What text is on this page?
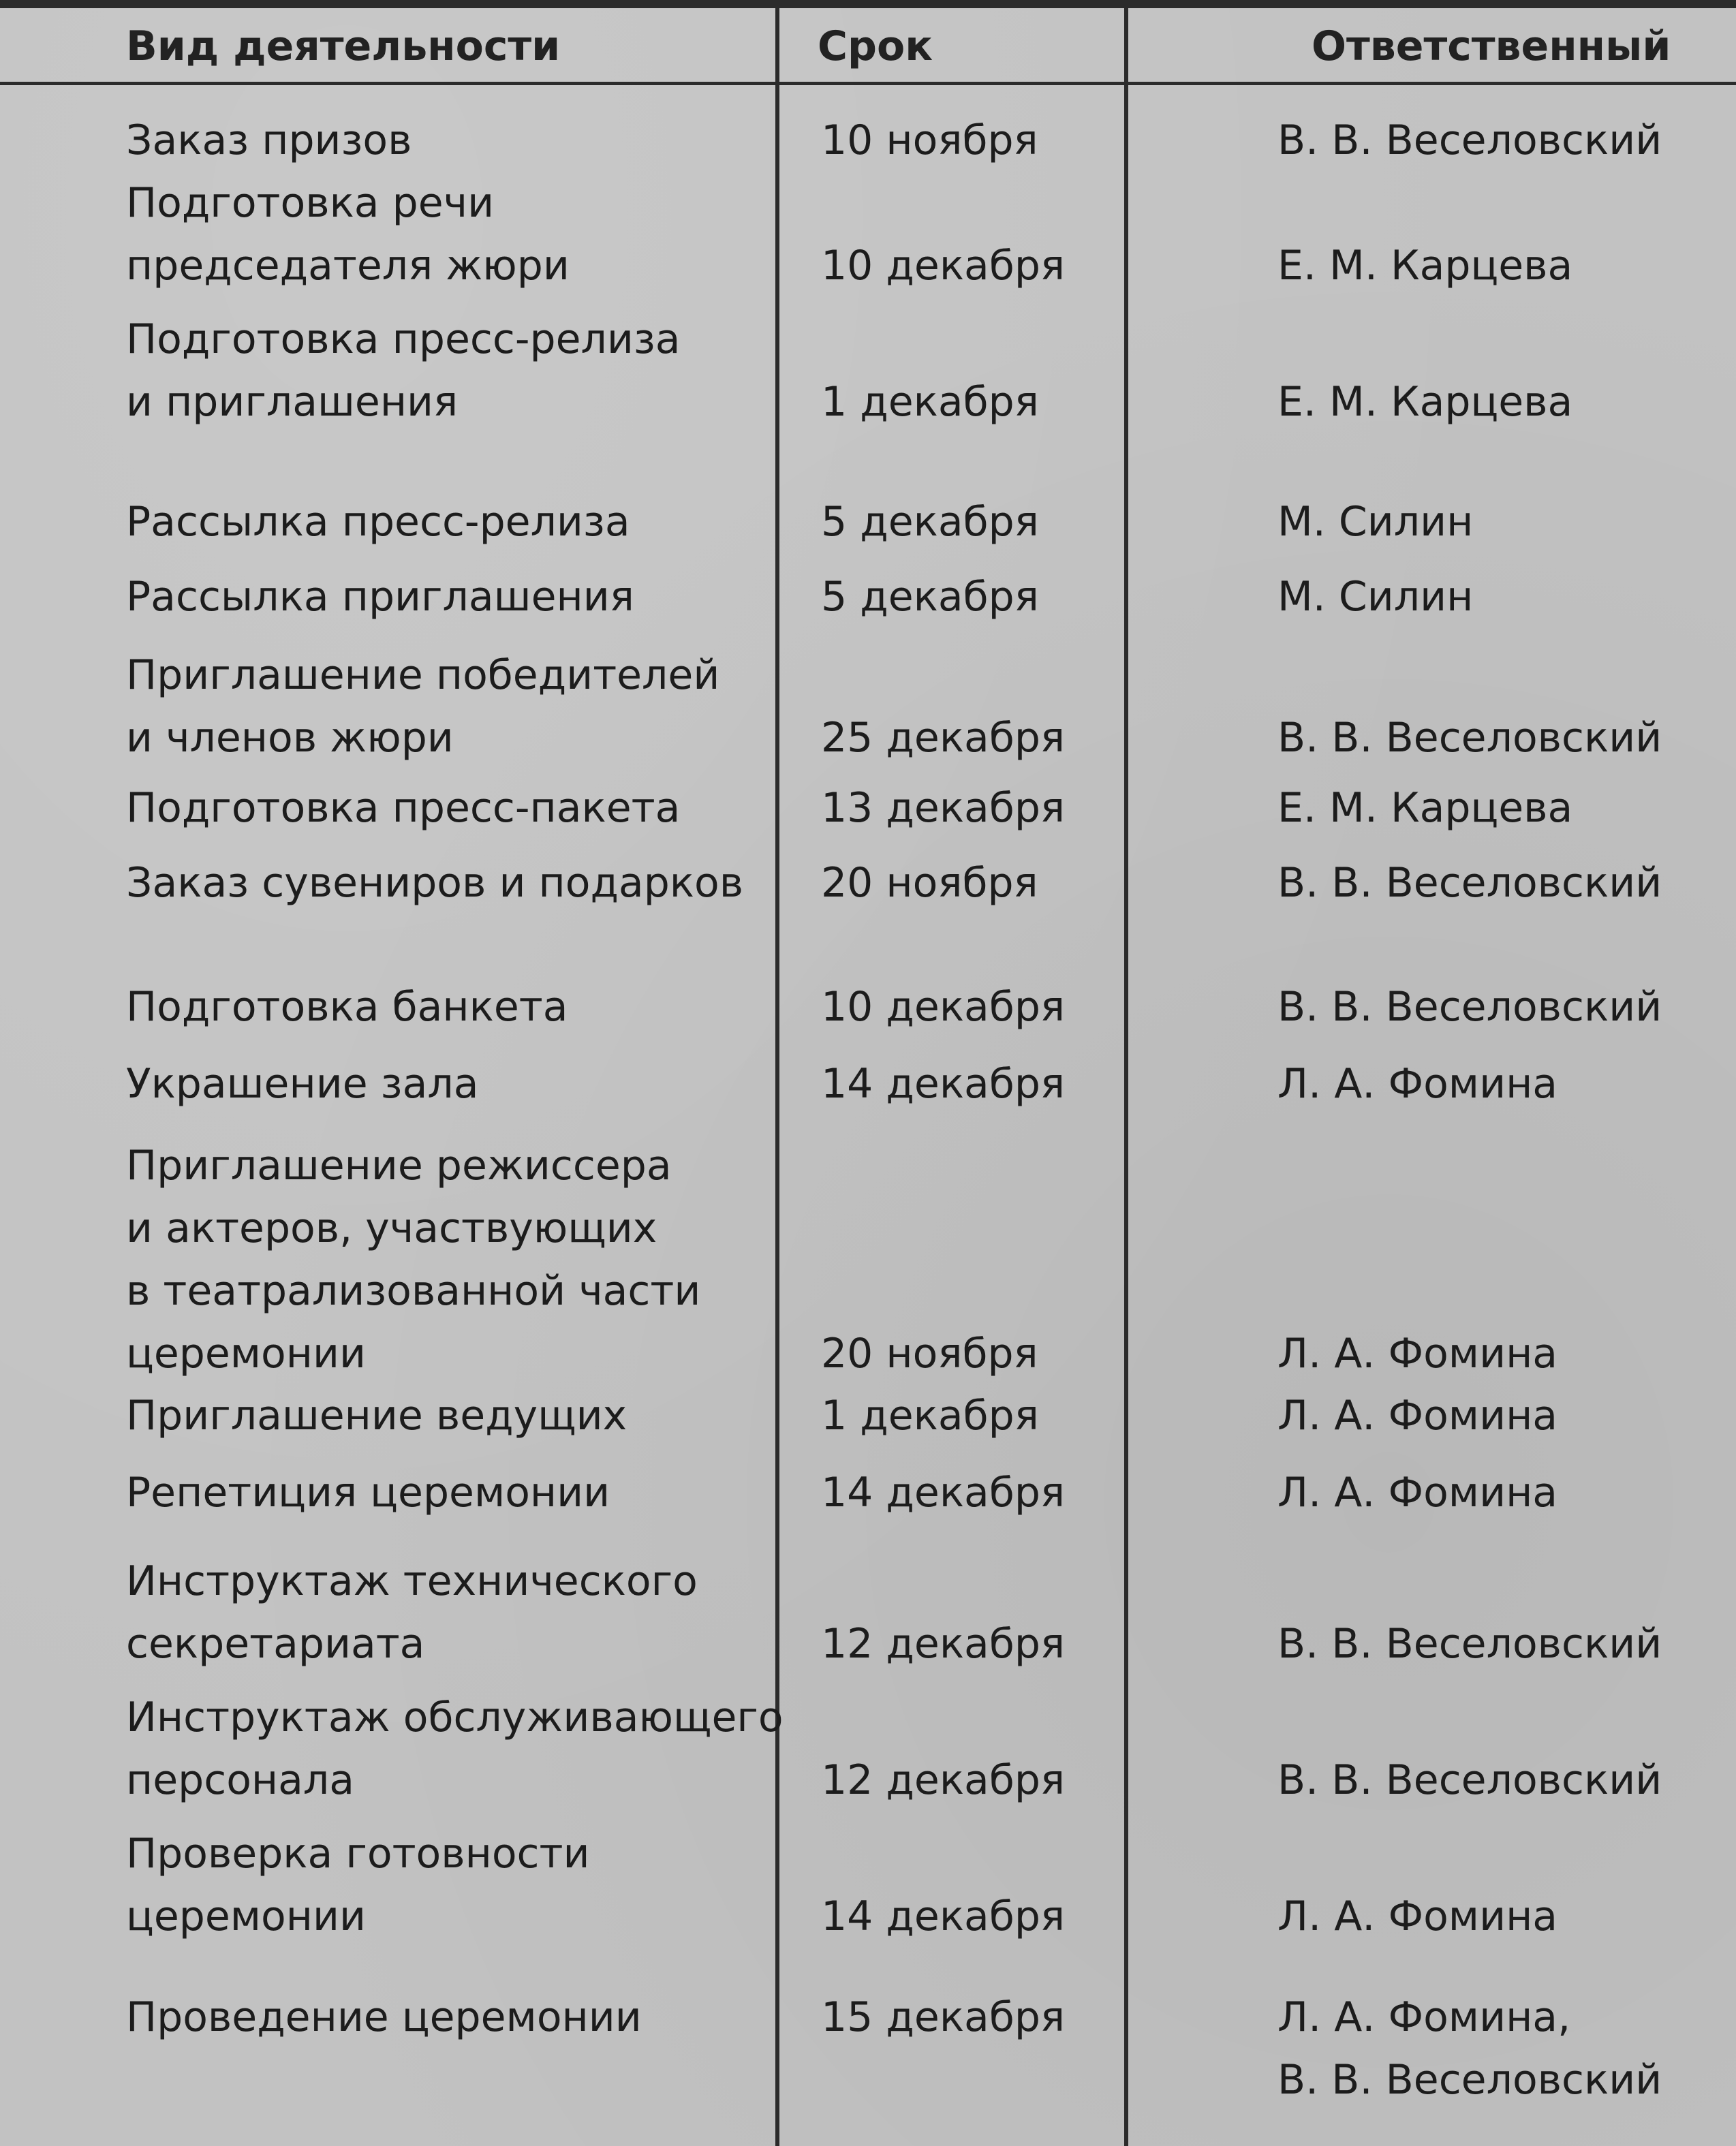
Вид деятельности	Срок	Ответственный
Заказ призов	10 ноября	В. В. Веселовский
Подготовка речи
председателя жюри	10 декабря	Е. М. Карцева
Подготовка пресс-релиза
и приглашения	1 декабря	Е. М. Карцева
Рассылка пресс-релиза	5 декабря	М. Силин
Рассылка приглашения	5 декабря	М. Силин
Приглашение победителей
и членов жюри	25 декабря	В. В. Веселовский
Подготовка пресс-пакета	13 декабря	Е. М. Карцева
Заказ сувениров и подарков 20 ноября	В. В. Веселовский
Подготовка банкета	10 декабря	В. В. Веселовский
Украшение зала	14 декабря	Л. А. Фомина
Приглашение режиссера
и актеров, участвующих
в театрализованной части
церемонии	20 ноября	Л. А. Фомина
Приглашение ведущих	1 декабря	Л. А. Фомина
Репетиция церемонии	14 декабря	Л. А. Фомина
Инструктаж технического
секретариата	12 декабря	В. В. Веселовский
Инструктаж обслуживающего
персонала	12 декабря	В. В. Веселовский
Проверка готовности
церемонии	14 декабря	Л. А. Фомина
Проведение церемонии	15 декабря	Л. А. Фомина,
В. В. Веселовский
